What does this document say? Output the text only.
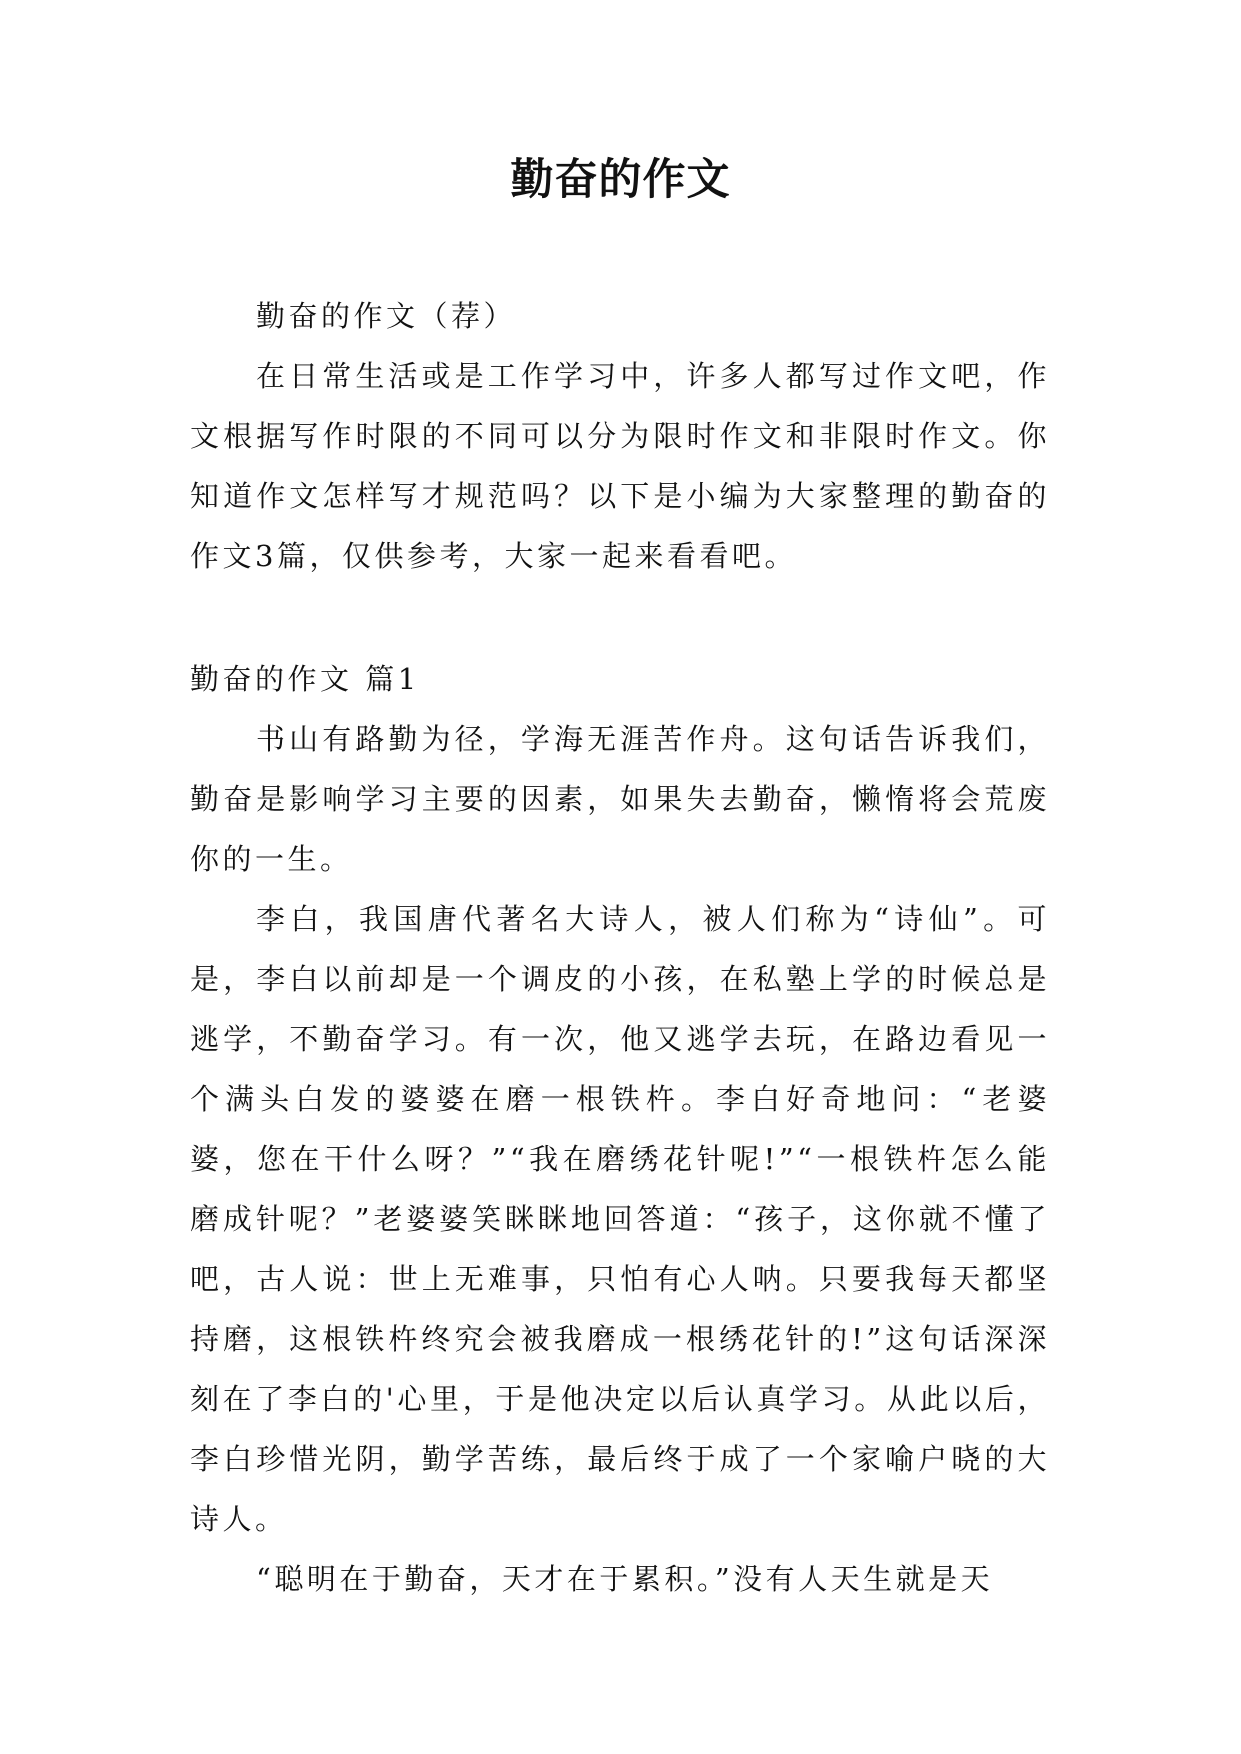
勤奋的作文

勤奋的作文（荐）

在日常生活或是工作学习中，许多人都写过作文吧，作文根据写作时限的不同可以分为限时作文和非限时作文。你知道作文怎样写才规范吗？以下是小编为大家整理的勤奋的作文3篇，仅供参考，大家一起来看看吧。

勤奋的作文 篇1

书山有路勤为径，学海无涯苦作舟。这句话告诉我们，勤奋是影响学习主要的因素，如果失去勤奋，懒惰将会荒废你的一生。

李白，我国唐代著名大诗人，被人们称为“诗仙”。可是，李白以前却是一个调皮的小孩，在私塾上学的时候总是逃学，不勤奋学习。有一次，他又逃学去玩，在路边看见一个满头白发的婆婆在磨一根铁杵。李白好奇地问：“老婆婆，您在干什么呀？”“我在磨绣花针呢!”“一根铁杵怎么能磨成针呢？”老婆婆笑眯眯地回答道：“孩子，这你就不懂了吧，古人说：世上无难事，只怕有心人呐。只要我每天都坚持磨，这根铁杵终究会被我磨成一根绣花针的!”这句话深深刻在了李白的'心里，于是他决定以后认真学习。从此以后，李白珍惜光阴，勤学苦练，最后终于成了一个家喻户晓的大诗人。

“聪明在于勤奋，天才在于累积。”没有人天生就是天
